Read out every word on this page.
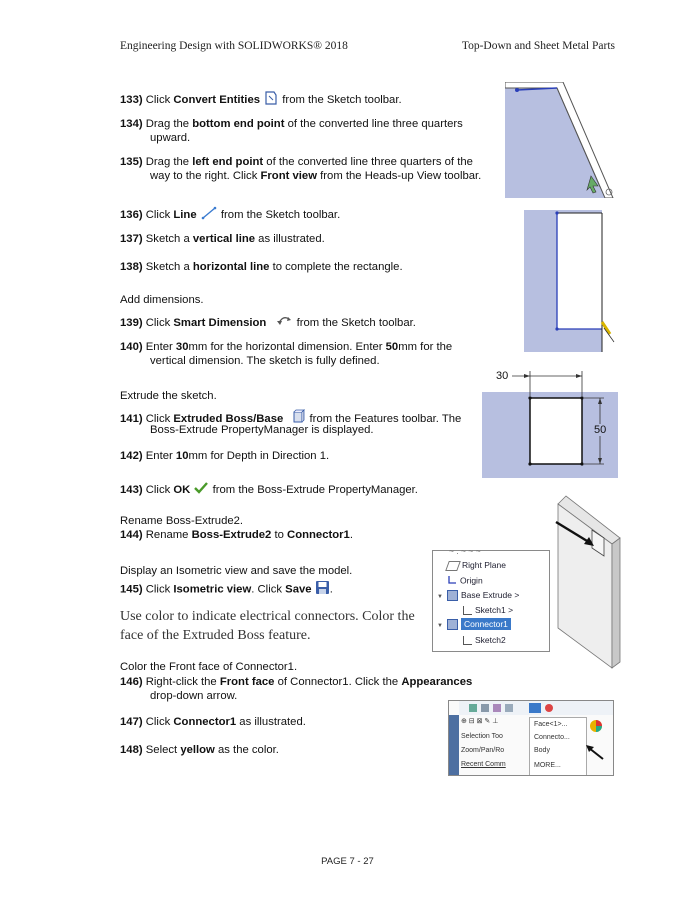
Engineering Design with SOLIDWORKS® 2018	Top-Down and Sheet Metal Parts
133) Click Convert Entities  from the Sketch toolbar.
134) Drag the bottom end point of the converted line three quarters
upward.
135) Drag the left end point of the converted line three quarters of the
way to the right. Click Front view from the Heads-up View toolbar.
136) Click Line  from the Sketch toolbar.
137) Sketch a vertical line as illustrated.
138) Sketch a horizontal line to complete the rectangle.
Add dimensions.
139) Click Smart Dimension	from the Sketch toolbar.
140) Enter 30mm for the horizontal dimension. Enter 50mm for the
vertical dimension. The sketch is fully defined.
30
50
Extrude the sketch.
141) Click Extruded Boss/Base  from the Features toolbar. The
Boss-Extrude PropertyManager is displayed.
142) Enter 10mm for Depth in Direction 1.
143) Click OK  from the Boss-Extrude PropertyManager.
Rename Boss-Extrude2.
144) Rename Boss-Extrude2 to Connector1.
Display an Isometric view and save the model.
145) Click Isometric view. Click Save .
~ . ~ ~ ~
Right Plane
Origin
▼ Base Extrude >
Sketch1 >
▼ Connector1
Sketch2
Use color to indicate electrical connectors. Color the face of the Extruded Boss feature.
Color the Front face of Connector1.
146) Right-click the Front face of Connector1. Click the Appearances
drop-down arrow.
147) Click Connector1 as illustrated.
148) Select yellow as the color.
⊕ ⊟ ⊠ ✎ ⊥
Selection Too
Zoom/Pan/Ro
Recent Comm
Face<1>...
Connecto...
Body
MORE...
PAGE 7 - 27
